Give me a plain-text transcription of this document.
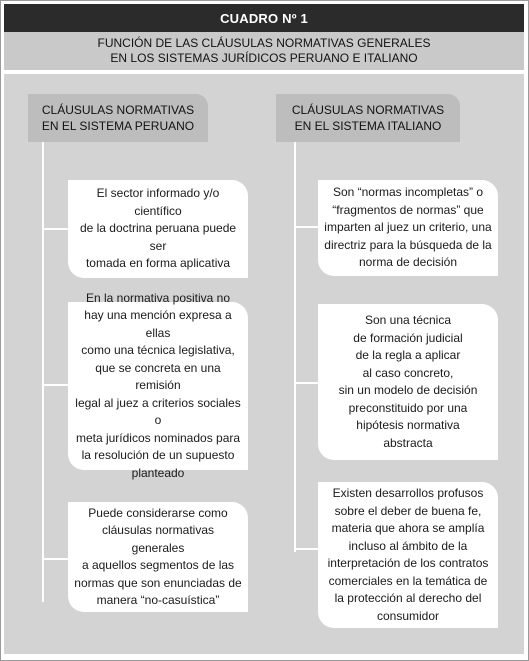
CUADRO Nº 1
FUNCIÓN DE LAS CLÁUSULAS NORMATIVAS GENERALES
EN LOS SISTEMAS JURÍDICOS PERUANO E ITALIANO
CLÁUSULAS NORMATIVAS
EN EL SISTEMA PERUANO
CLÁUSULAS NORMATIVAS
EN EL SISTEMA ITALIANO
El sector informado y/o científico
de la doctrina peruana puede ser
tomada en forma aplicativa
En la normativa positiva no
hay una mención expresa a ellas
como una técnica legislativa,
que se concreta en una remisión
legal al juez a criterios sociales o
meta jurídicos nominados para
la resolución de un supuesto
planteado
Puede considerarse como
cláusulas normativas generales
a aquellos segmentos de las
normas que son enunciadas de
manera “no-casuística”
Son “normas incompletas” o
“fragmentos de normas” que
imparten al juez un criterio, una
directriz para la búsqueda de la
norma de decisión
Son una técnica
de formación judicial
de la regla a aplicar
al caso concreto,
sin un modelo de decisión
preconstituido por una
hipótesis normativa
abstracta
Existen desarrollos profusos
sobre el deber de buena fe,
materia que ahora se amplía
incluso al ámbito de la
interpretación de los contratos
comerciales en la temática de
la protección al derecho del
consumidor
